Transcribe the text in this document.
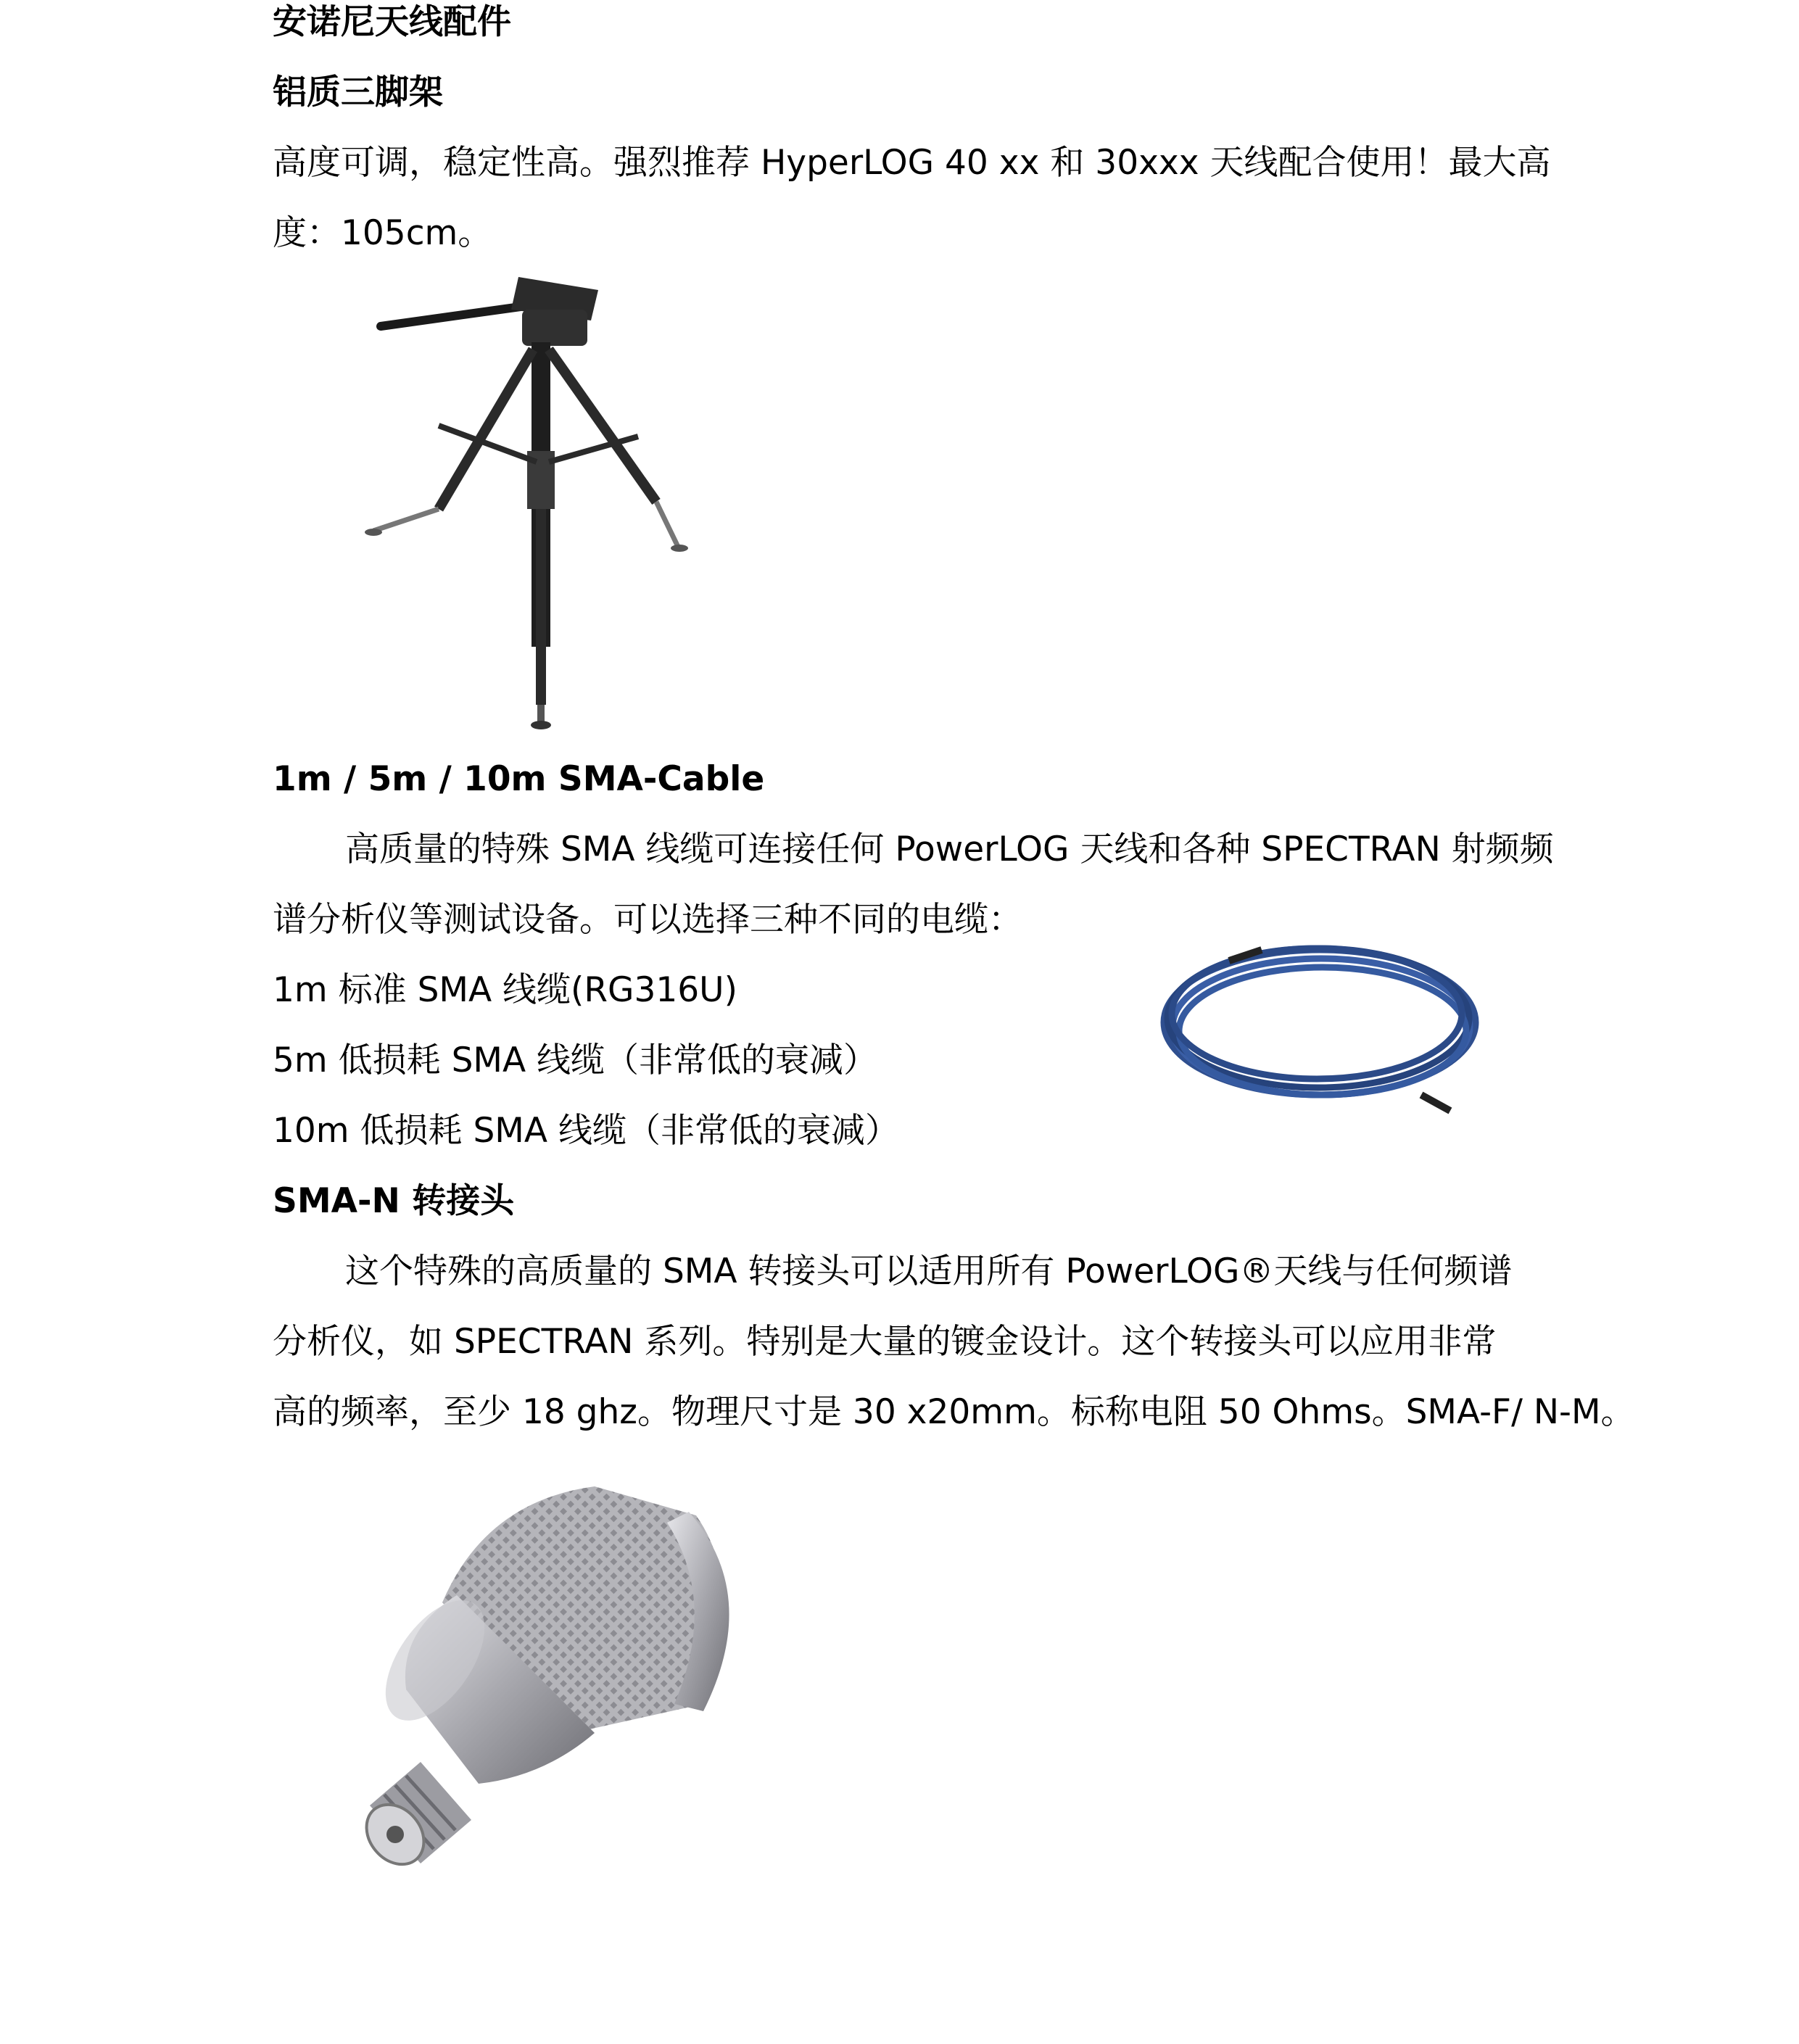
安诺尼天线配件
铝质三脚架
高度可调，稳定性高。强烈推荐 HyperLOG 40 xx 和 30xxx 天线配合使用！最大高
度：105cm。
1m / 5m / 10m SMA-Cable
高质量的特殊 SMA 线缆可连接任何 PowerLOG 天线和各种 SPECTRAN 射频频
谱分析仪等测试设备。可以选择三种不同的电缆：
1m 标准 SMA 线缆(RG316U)
5m 低损耗 SMA 线缆（非常低的衰减）
10m 低损耗 SMA 线缆（非常低的衰减）
SMA-N 转接头
这个特殊的高质量的 SMA 转接头可以适用所有 PowerLOG®天线与任何频谱
分析仪，如 SPECTRAN 系列。特别是大量的镀金设计。这个转接头可以应用非常
高的频率，至少 18 ghz。物理尺寸是 30 x20mm。标称电阻 50 Ohms。SMA-F/ N-M。
